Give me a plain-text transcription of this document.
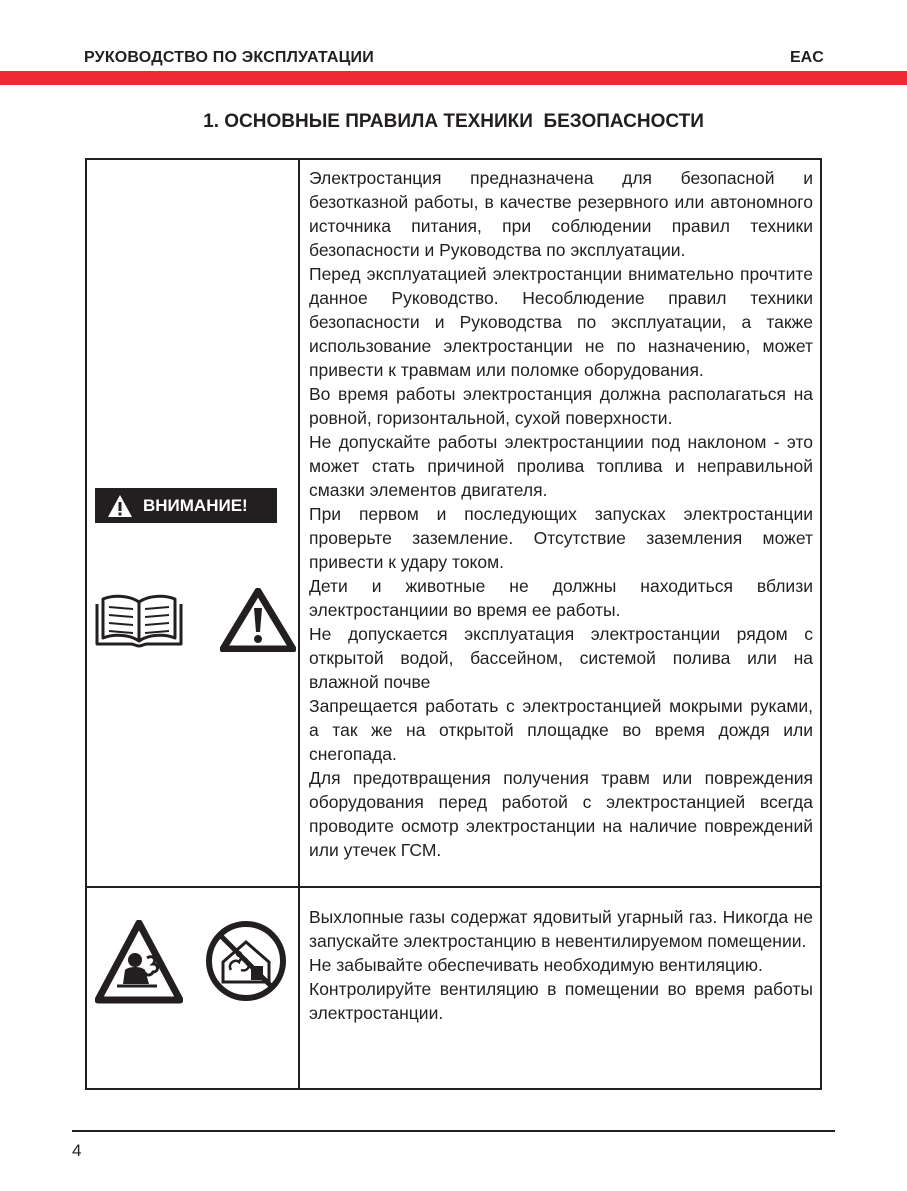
РУКОВОДСТВО ПО ЭКСПЛУАТАЦИИ	EAC
1. ОСНОВНЫЕ ПРАВИЛА ТЕХНИКИ  БЕЗОПАСНОСТИ
ВНИМАНИЕ!

Электростанция предназначена для безопасной и безотказной работы, в качестве резервного или автономного источника питания, при соблюдении правил техники безопасности и Руководства по эксплуатации.

Перед эксплуатацией электростанции внимательно прочтите данное Руководство. Несоблюдение правил техники безопасности и Руководства по эксплуатации, а также использование электростанции не по назначению, может привести к травмам или поломке оборудования.

Во время работы электростанция должна располагаться на ровной, горизонтальной, сухой поверхности.

Не допускайте работы электростанциии под наклоном - это может стать причиной пролива топлива и неправильной смазки элементов двигателя.

При первом и последующих запусках электростанции проверьте заземление. Отсутствие заземления может привести к удару током.

Дети и животные не должны находиться вблизи электростанциии во время ее работы.

Не допускается эксплуатация электростанции рядом с открытой водой, бассейном, системой полива или на влажной почве

Запрещается работать с электростанцией мокрыми руками, а так же на открытой площадке во время дождя или снегопада.

Для предотвращения получения травм или повреждения оборудования перед работой с электростанцией всегда проводите осмотр электростанции на наличие повреждений или утечек ГСМ.

Выхлопные газы содержат ядовитый угарный газ. Никогда не запускайте электростанцию в невентилируемом помещении.

Не забывайте обеспечивать необходимую вентиляцию.

Контролируйте вентиляцию в помещении во время работы электростанции.

4
